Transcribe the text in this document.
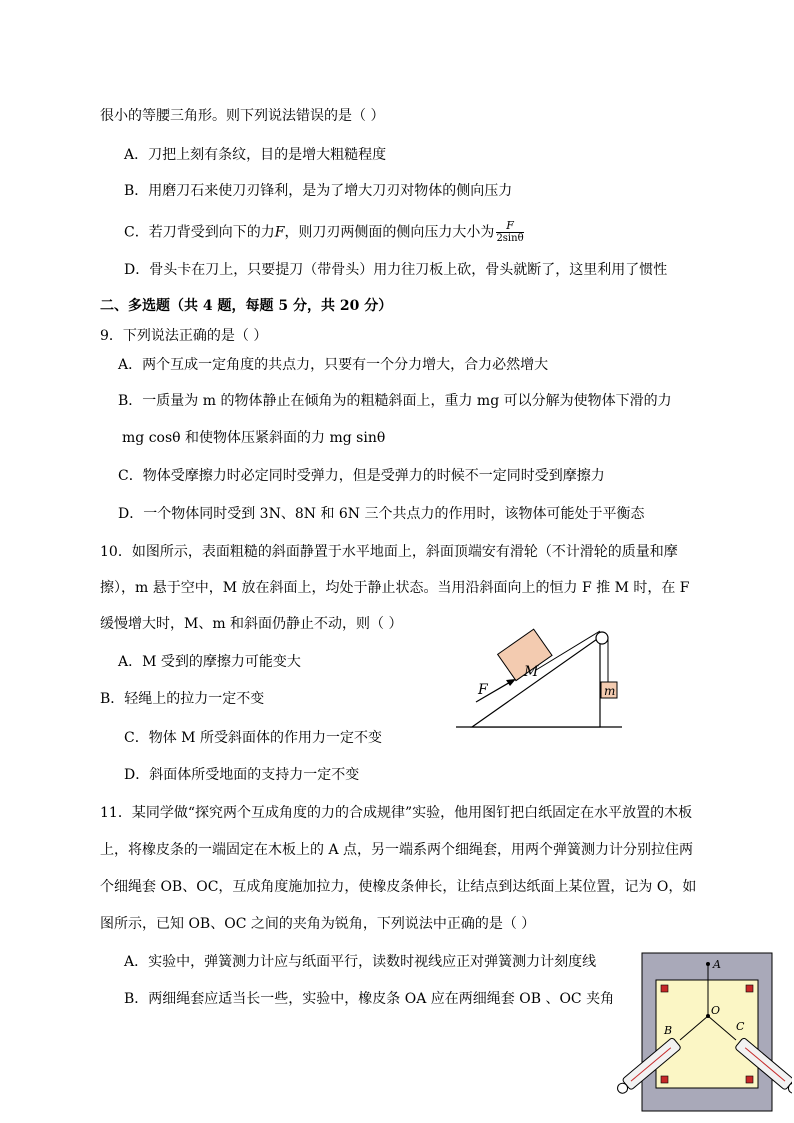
很小的等腰三角形。则下列说法错误的是（ ）
A．刀把上刻有条纹，目的是增大粗糙程度
B．用磨刀石来使刀刃锋利，是为了增大刀刃对物体的侧向压力
C．若刀背受到向下的力F，则刀刃两侧面的侧向压力大小为 $\frac{F}{2\sin\theta}$
D．骨头卡在刀上，只要提刀（带骨头）用力往刀板上砍，骨头就断了，这里利用了惯性
二、多选题（共 4 题，每题 5 分，共 20 分）
9．下列说法正确的是（ ）
A．两个互成一定角度的共点力，只要有一个分力增大，合力必然增大
B．一质量为 m 的物体静止在倾角为的粗糙斜面上，重力 mg 可以分解为使物体下滑的力
mg cosθ 和使物体压紧斜面的力 mg sinθ
C．物体受摩擦力时必定同时受弹力，但是受弹力的时候不一定同时受到摩擦力
D．一个物体同时受到 3N、8N 和 6N 三个共点力的作用时，该物体可能处于平衡态
10．如图所示，表面粗糙的斜面静置于水平地面上，斜面顶端安有滑轮（不计滑轮的质量和摩
擦），m 悬于空中，M 放在斜面上，均处于静止状态。当用沿斜面向上的恒力 F 推 M 时，在 F
缓慢增大时，M、m 和斜面仍静止不动，则（ ）
A．M 受到的摩擦力可能变大
B．轻绳上的拉力一定不变
C．物体 M 所受斜面体的作用力一定不变
D．斜面体所受地面的支持力一定不变
M
m
F
11．某同学做“探究两个互成角度的力的合成规律”实验，他用图钉把白纸固定在水平放置的木板
上，将橡皮条的一端固定在木板上的 A 点，另一端系两个细绳套，用两个弹簧测力计分别拉住两
个细绳套 OB、OC，互成角度施加拉力，使橡皮条伸长，让结点到达纸面上某位置，记为 O，如
图所示，已知 OB、OC 之间的夹角为锐角，下列说法中正确的是（ ）
A．实验中，弹簧测力计应与纸面平行，读数时视线应正对弹簧测力计刻度线
B．两细绳套应适当长一些，实验中，橡皮条 OA 应在两细绳套 OB 、OC 夹角
A
O
B	C
